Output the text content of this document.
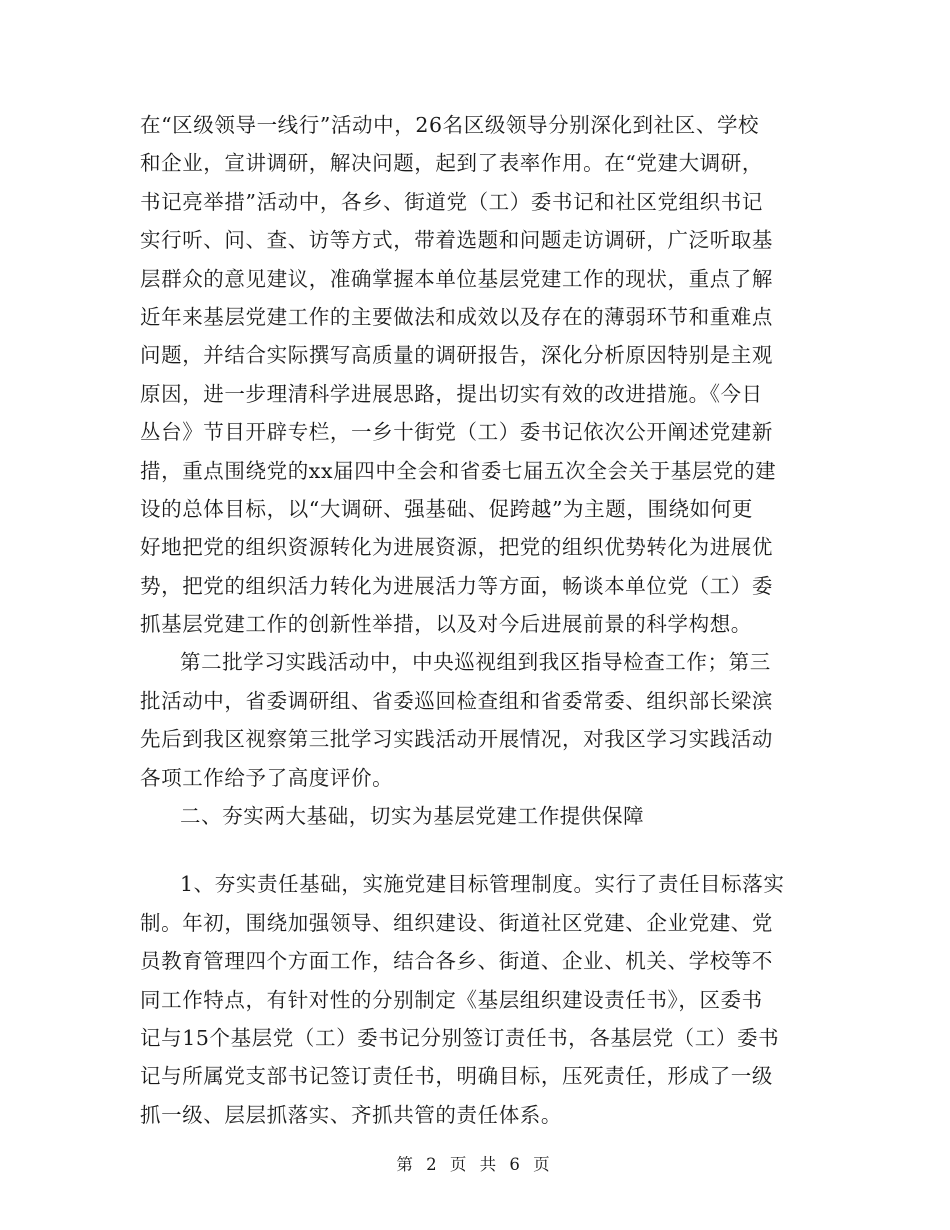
在“区级领导一线行”活动中，26名区级领导分别深化到社区、学校
和企业，宣讲调研，解决问题，起到了表率作用。在“党建大调研，
书记亮举措”活动中，各乡、街道党（工）委书记和社区党组织书记
实行听、问、查、访等方式，带着选题和问题走访调研，广泛听取基
层群众的意见建议，准确掌握本单位基层党建工作的现状，重点了解
近年来基层党建工作的主要做法和成效以及存在的薄弱环节和重难点
问题，并结合实际撰写高质量的调研报告，深化分析原因特别是主观
原因，进一步理清科学进展思路，提出切实有效的改进措施。《今日
丛台》节目开辟专栏，一乡十街党（工）委书记依次公开阐述党建新
措，重点围绕党的xx届四中全会和省委七届五次全会关于基层党的建
设的总体目标，以“大调研、强基础、促跨越”为主题，围绕如何更
好地把党的组织资源转化为进展资源，把党的组织优势转化为进展优
势，把党的组织活力转化为进展活力等方面，畅谈本单位党（工）委
抓基层党建工作的创新性举措，以及对今后进展前景的科学构想。
第二批学习实践活动中，中央巡视组到我区指导检查工作；第三
批活动中，省委调研组、省委巡回检查组和省委常委、组织部长梁滨
先后到我区视察第三批学习实践活动开展情况，对我区学习实践活动
各项工作给予了高度评价。
二、夯实两大基础，切实为基层党建工作提供保障
1、夯实责任基础，实施党建目标管理制度。实行了责任目标落实
制。年初，围绕加强领导、组织建设、街道社区党建、企业党建、党
员教育管理四个方面工作，结合各乡、街道、企业、机关、学校等不
同工作特点，有针对性的分别制定《基层组织建设责任书》，区委书
记与15个基层党（工）委书记分别签订责任书，各基层党（工）委书
记与所属党支部书记签订责任书，明确目标，压死责任，形成了一级
抓一级、层层抓落实、齐抓共管的责任体系。
第 2 页 共 6 页
